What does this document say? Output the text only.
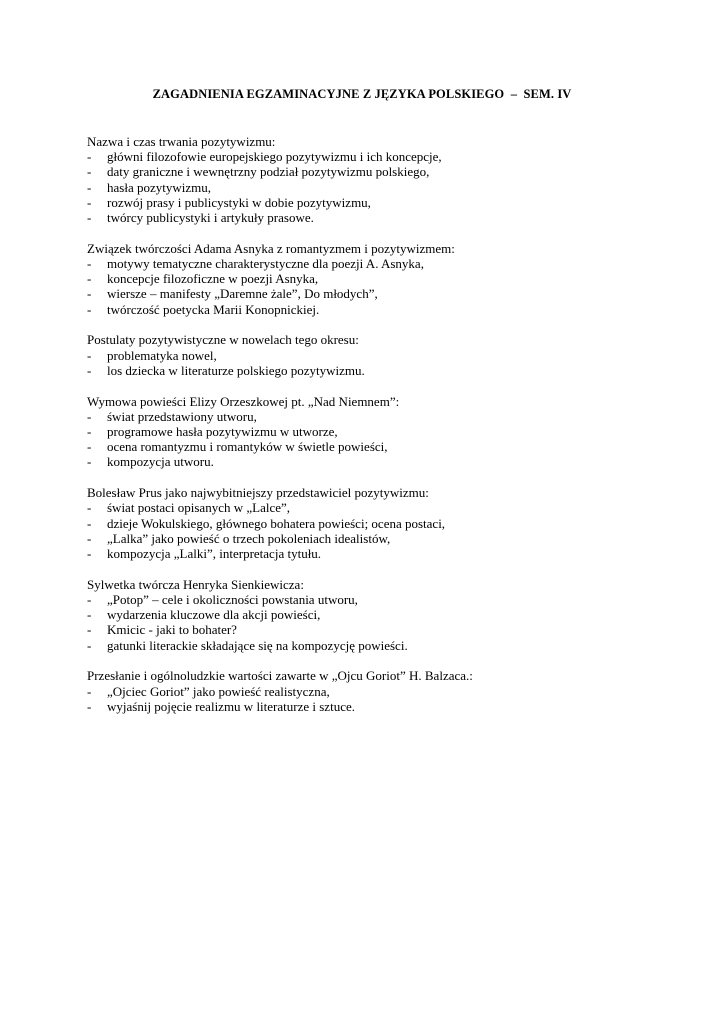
ZAGADNIENIA EGZAMINACYJNE Z JĘZYKA POLSKIEGO  –  SEM. IV
Nazwa i czas trwania pozytywizmu:
- główni filozofowie europejskiego pozytywizmu i ich koncepcje,
- daty graniczne i wewnętrzny podział pozytywizmu polskiego,
- hasła pozytywizmu,
- rozwój prasy i publicystyki w dobie pozytywizmu,
- twórcy publicystyki i artykuły prasowe.
Związek twórczości Adama Asnyka z romantyzmem i pozytywizmem:
- motywy tematyczne charakterystyczne dla poezji A. Asnyka,
- koncepcje filozoficzne w poezji Asnyka,
- wiersze – manifesty „Daremne żale”, Do młodych”,
- twórczość poetycka Marii Konopnickiej.
Postulaty pozytywistyczne w nowelach tego okresu:
- problematyka nowel,
- los dziecka w literaturze polskiego pozytywizmu.
Wymowa powieści Elizy Orzeszkowej pt. „Nad Niemnem”:
- świat przedstawiony utworu,
- programowe hasła pozytywizmu w utworze,
- ocena romantyzmu i romantyków w świetle powieści,
- kompozycja utworu.
Bolesław Prus jako najwybitniejszy przedstawiciel pozytywizmu:
- świat postaci opisanych w „Lalce”,
- dzieje Wokulskiego, głównego bohatera powieści; ocena postaci,
- „Lalka” jako powieść o trzech pokoleniach idealistów,
- kompozycja „Lalki”, interpretacja tytułu.
Sylwetka twórcza Henryka Sienkiewicza:
- „Potop” – cele i okoliczności powstania utworu,
- wydarzenia kluczowe dla akcji powieści,
- Kmicic - jaki to bohater?
- gatunki literackie składające się na kompozycję powieści.
Przesłanie i ogólnoludzkie wartości zawarte w „Ojcu Goriot” H. Balzaca.:
- „Ojciec Goriot” jako powieść realistyczna,
- wyjaśnij pojęcie realizmu w literaturze i sztuce.
